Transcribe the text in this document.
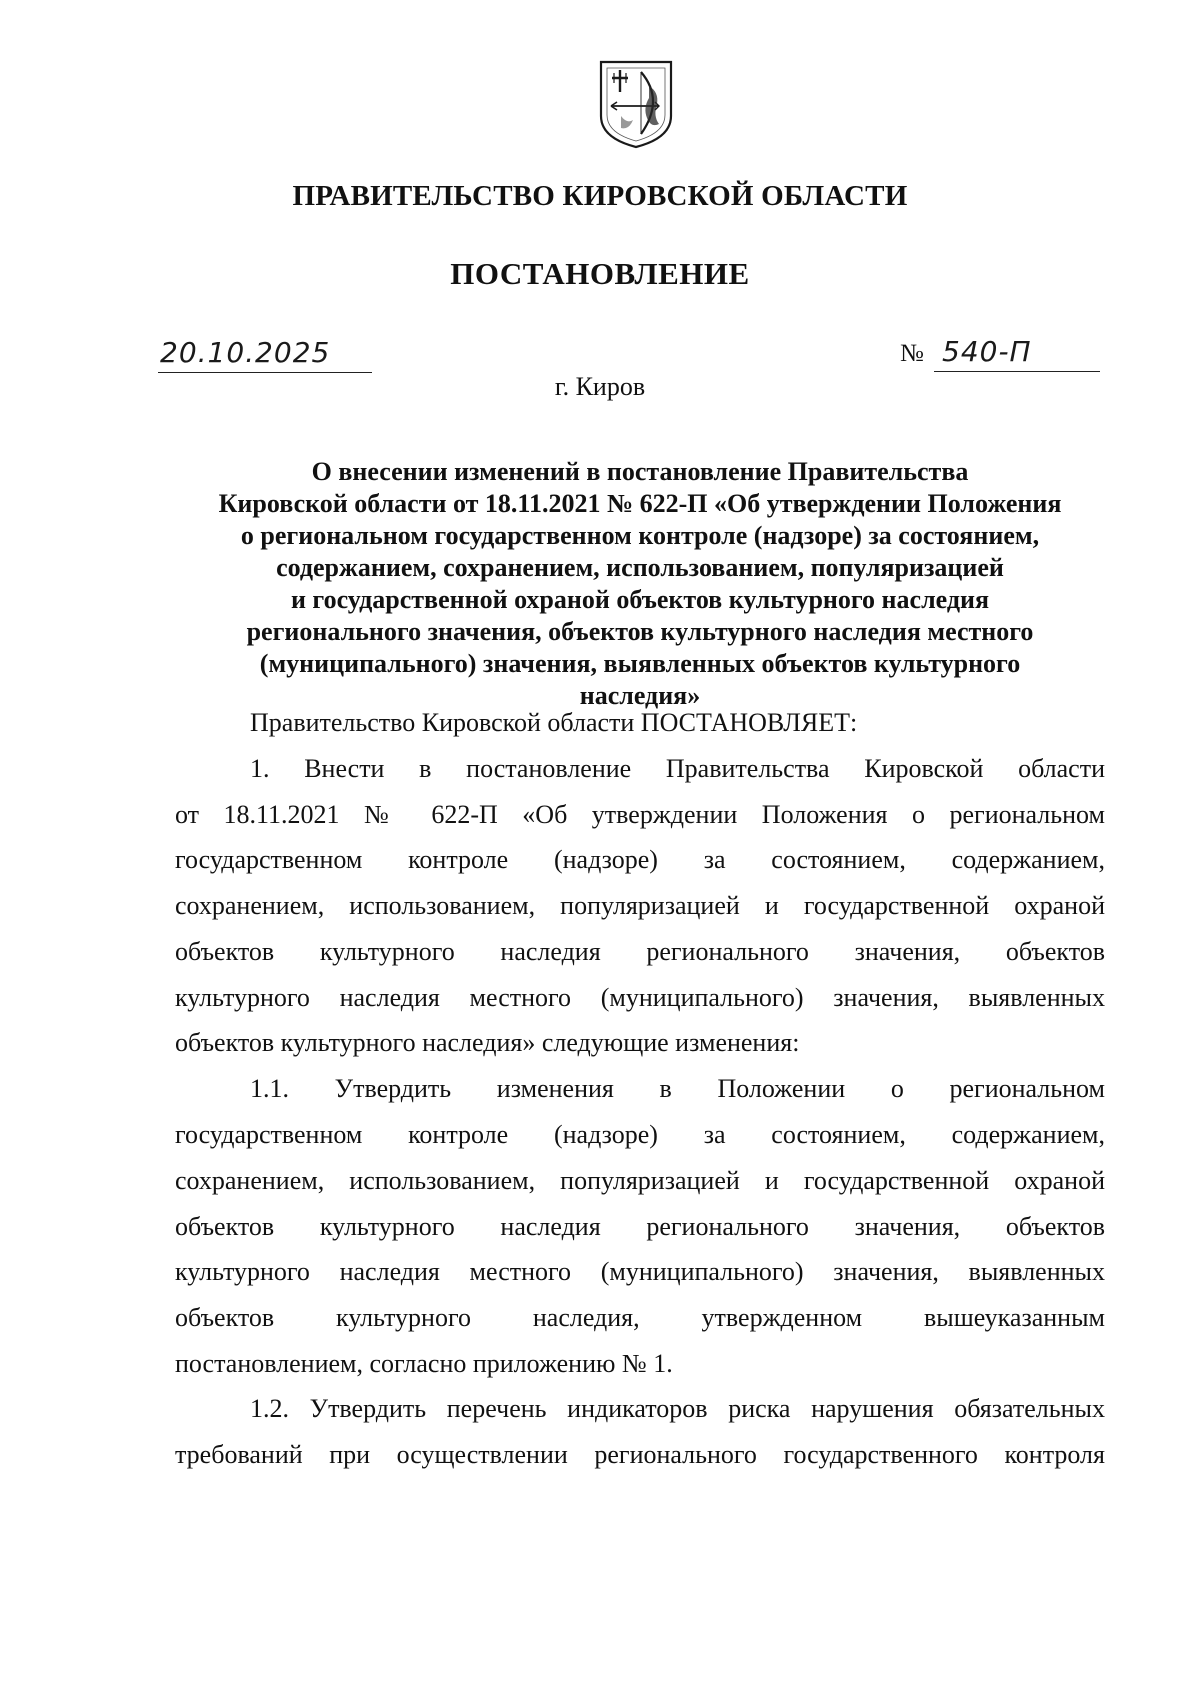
ПРАВИТЕЛЬСТВО КИРОВСКОЙ ОБЛАСТИ
ПОСТАНОВЛЕНИЕ
20.10.2025	№ 540-П
г. Киров
О внесении изменений в постановление Правительства
Кировской области от 18.11.2021 № 622-П «Об утверждении Положения
о региональном государственном контроле (надзоре) за состоянием,
содержанием, сохранением, использованием, популяризацией
и государственной охраной объектов культурного наследия
регионального значения, объектов культурного наследия местного
(муниципального) значения, выявленных объектов культурного
наследия»
Правительство Кировской области ПОСТАНОВЛЯЕТ:
1. Внести в постановление Правительства Кировской области
от 18.11.2021 № 622-П «Об утверждении Положения о региональном
государственном контроле (надзоре) за состоянием, содержанием,
сохранением, использованием, популяризацией и государственной охраной
объектов культурного наследия регионального значения, объектов
культурного наследия местного (муниципального) значения, выявленных
объектов культурного наследия» следующие изменения:
1.1. Утвердить изменения в Положении о региональном
государственном контроле (надзоре) за состоянием, содержанием,
сохранением, использованием, популяризацией и государственной охраной
объектов культурного наследия регионального значения, объектов
культурного наследия местного (муниципального) значения, выявленных
объектов культурного наследия, утвержденном вышеуказанным
постановлением, согласно приложению № 1.
1.2. Утвердить перечень индикаторов риска нарушения обязательных
требований при осуществлении регионального государственного контроля
